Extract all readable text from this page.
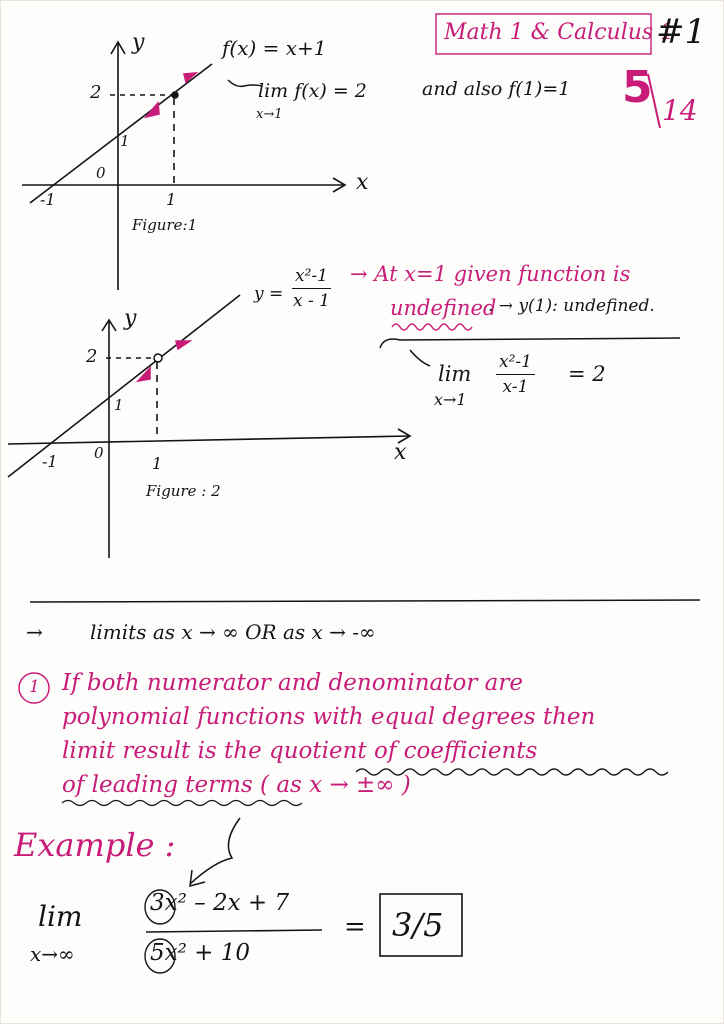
Math 1 & Calculus 1
#1
5 14
y
x
2
1
0
-1	1
Figure:1
f(x) = x+1
lim f(x) = 2
x→1
and also f(1)=1
y
x
2
1
0
-1	1
Figure : 2
$y = \frac{\text{x²-1}}{x - 1} \to At$ x=1 given function is
undefined
. → y(1): undefined.
lim
x→1
$\frac{\text{x²-1}}{x-1} = 2$
→ limits as x → ∞ OR as x → -∞
1 If both numerator and denominator are
polynomial functions with equal degrees then
limit result is the quotient of coefficients
of leading terms ( as x → ±∞ )
Example :
lim
x→∞
3x² – 2x + 7
5x² + 10
= 3/5
